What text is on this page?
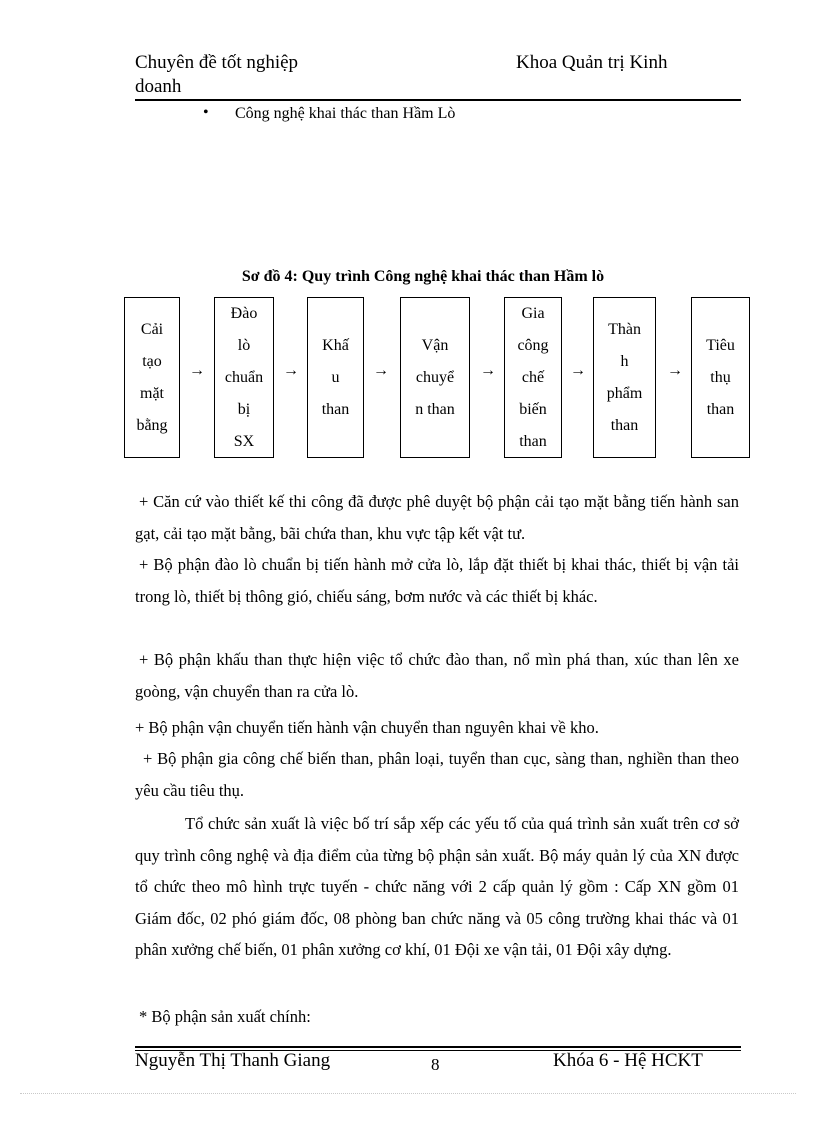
Chuyên đề tốt nghiệp
doanh
Khoa Quản trị Kinh
• Công nghệ khai thác than Hầm Lò
Sơ đồ 4: Quy trình Công nghệ khai thác than Hầm lò
Cải
tạo
mặt
bằng
→
Đào
lò
chuẩn
bị
SX
→
Khấ
u
than
→
Vận
chuyể
n than
→
Gia
công
chế
biến
than
→
Thàn
h
phẩm
than
→
Tiêu
thụ
than
+ Căn cứ vào thiết kế thi công đã được phê duyệt bộ phận cải tạo mặt bằng tiến hành san gạt, cải tạo mặt bằng, bãi chứa than, khu vực tập kết vật tư.
+ Bộ phận đào lò chuẩn bị tiến hành mở cửa lò, lắp đặt thiết bị khai thác, thiết bị vận tải trong lò, thiết bị thông gió, chiếu sáng, bơm nước và các thiết bị khác.
+ Bộ phận khấu than thực hiện việc tổ chức đào than, nổ mìn phá than, xúc than lên xe goòng, vận chuyển than ra cửa lò.
+ Bộ phận vận chuyển tiến hành vận chuyển than nguyên khai về kho.
+ Bộ phận gia công chế biến than, phân loại, tuyển than cục, sàng than, nghiền than theo yêu cầu tiêu thụ.
Tổ chức sản xuất là việc bố trí sắp xếp các yếu tố của quá trình sản xuất trên cơ sở quy trình công nghệ và địa điểm của từng bộ phận sản xuất. Bộ máy quản lý của XN được tổ chức theo mô hình trực tuyến - chức năng với 2 cấp quản lý gồm : Cấp XN gồm 01 Giám đốc, 02 phó giám đốc, 08 phòng ban chức năng và 05 công trường khai thác và 01 phân xưởng chế biến, 01 phân xưởng cơ khí, 01 Đội xe vận tải, 01 Đội xây dựng.
* Bộ phận sản xuất chính:
Nguyễn Thị Thanh Giang	8	Khóa 6 - Hệ HCKT
